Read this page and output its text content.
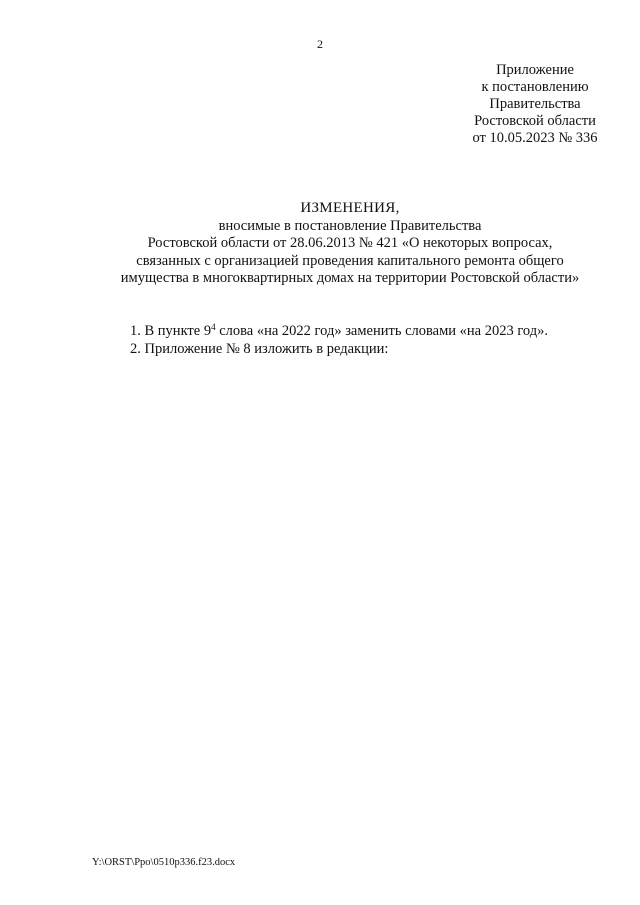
2
Приложение
к постановлению
Правительства
Ростовской области
от 10.05.2023 № 336
ИЗМЕНЕНИЯ,
вносимые в постановление Правительства
Ростовской области от 28.06.2013 № 421 «О некоторых вопросах,
связанных с организацией проведения капитального ремонта общего
имущества в многоквартирных домах на территории Ростовской области»
1. В пункте $9^4$ слова «на 2022 год» заменить словами «на 2023 год».
2. Приложение № 8 изложить в редакции:
Y:\ORST\Ppo\0510p336.f23.docx
